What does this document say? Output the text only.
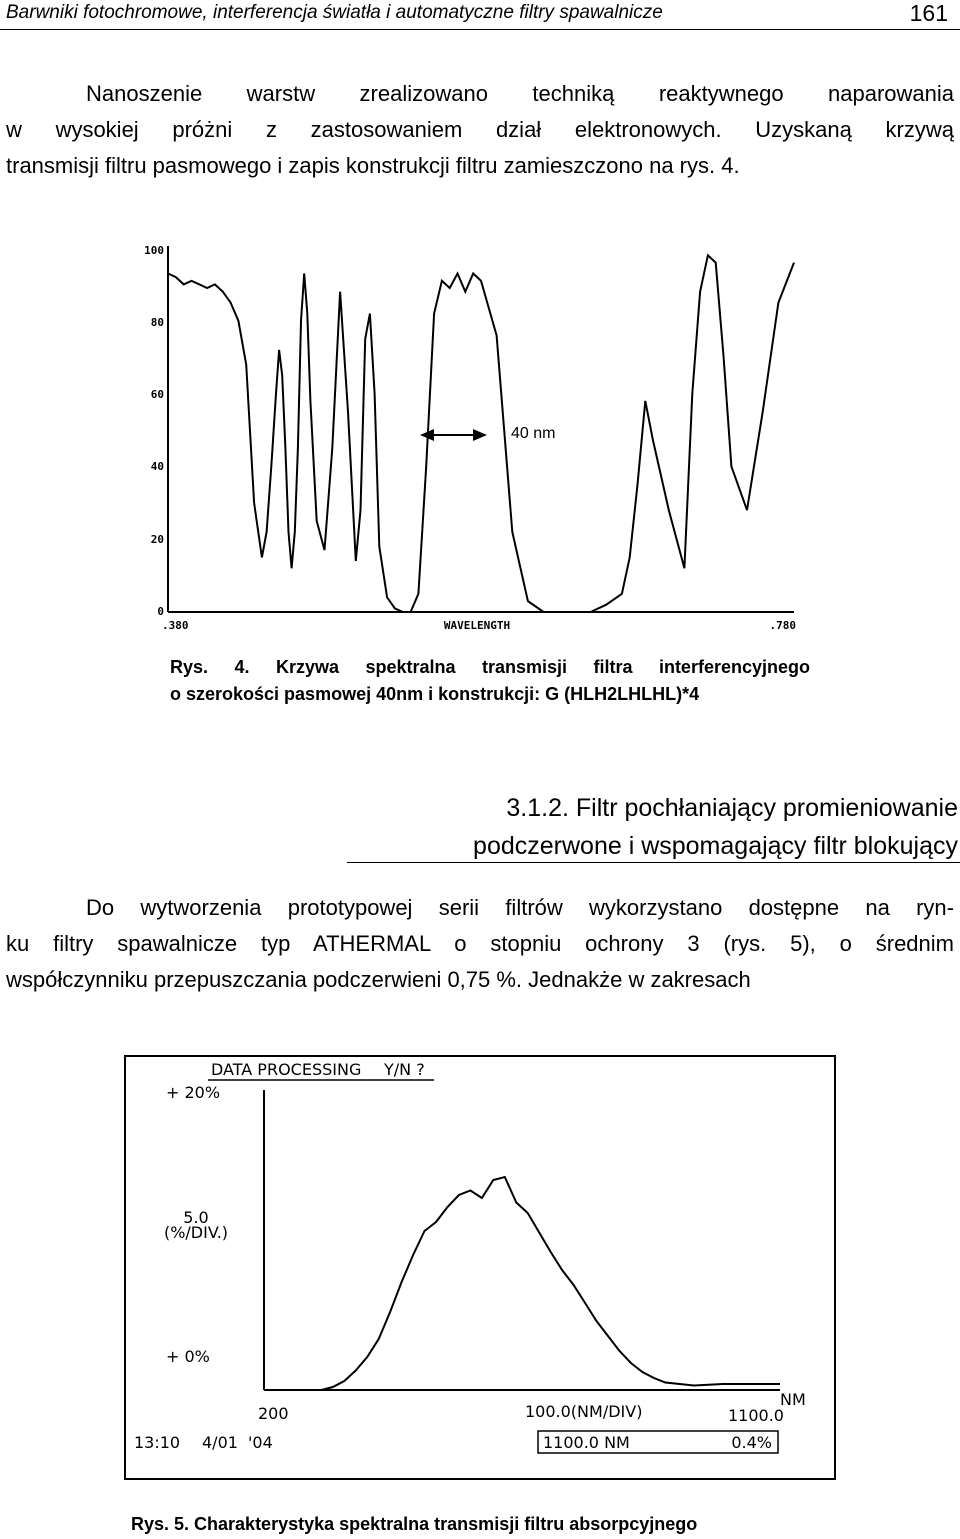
Barwniki fotochromowe, interferencja światła i automatyczne filtry spawalnicze	161
Nanoszenie warstw zrealizowano techniką reaktywnego naparowania
w wysokiej próżni z zastosowaniem dział elektronowych. Uzyskaną krzywą
transmisji filtru pasmowego i zapis konstrukcji filtru zamieszczono na rys. 4.
100
80
60
40
20
0
.380	.780
WAVELENGTH
40 nm
Rys. 4. Krzywa spektralna transmisji filtra interferencyjnego
o szerokości pasmowej 40nm i konstrukcji: G (HLH2LHLHL)*4
3.1.2. Filtr pochłaniający promieniowanie
podczerwone i wspomagający filtr blokujący
Do wytworzenia prototypowej serii filtrów wykorzystano dostępne na ryn-
ku filtry spawalnicze typ ATHERMAL o stopniu ochrony 3 (rys. 5), o średnim
współczynniku przepuszczania podczerwieni 0,75 %. Jednakże w zakresach
DATA PROCESSING Y/N ?
+ 20%
5.0
(%/DIV.)
+ 0%
NM
200	100.0(NM/DIV)	1100.0
13:10 4/01 '04	1100.0 NM	0.4%
Rys. 5. Charakterystyka spektralna transmisji filtru absorpcyjnego
